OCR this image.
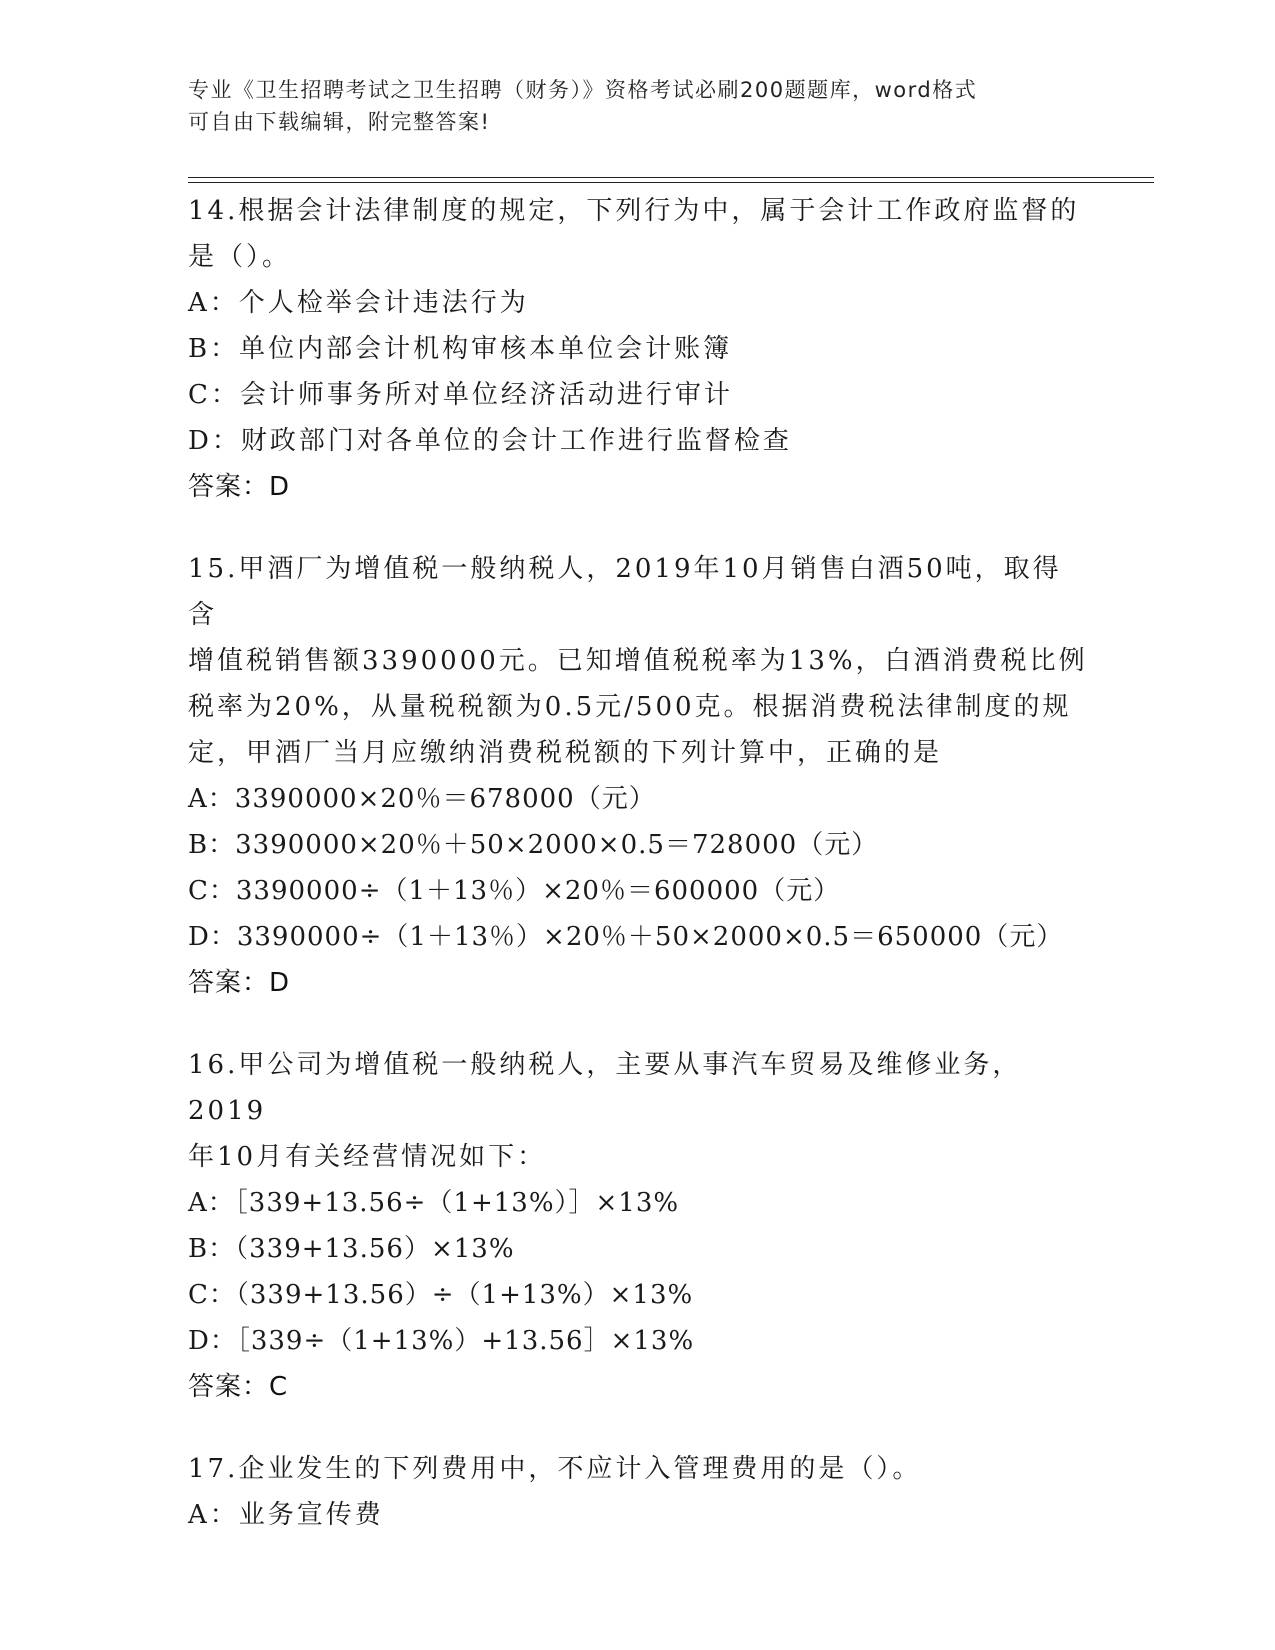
专业《卫生招聘考试之卫生招聘（财务）》资格考试必刷200题题库，word格式
可自由下载编辑，附完整答案!
14.根据会计法律制度的规定，下列行为中，属于会计工作政府监督的
是（）。
A：个人检举会计违法行为
B：单位内部会计机构审核本单位会计账簿
C：会计师事务所对单位经济活动进行审计
D：财政部门对各单位的会计工作进行监督检查
答案：D
15.甲酒厂为增值税一般纳税人，2019年10月销售白酒50吨，取得含
增值税销售额3390000元。已知增值税税率为13%，白酒消费税比例
税率为20%，从量税税额为0.5元/500克。根据消费税法律制度的规
定，甲酒厂当月应缴纳消费税税额的下列计算中，正确的是
A：3390000×20％＝678000（元）
B：3390000×20％＋50×2000×0.5＝728000（元）
C：3390000÷（1＋13％）×20％＝600000（元）
D：3390000÷（1＋13％）×20％＋50×2000×0.5＝650000（元）
答案：D
16.甲公司为增值税一般纳税人，主要从事汽车贸易及维修业务，2019
年10月有关经营情况如下：
A：［339+13.56÷（1+13%）］×13%
B：（339+13.56）×13%
C：（339+13.56）÷（1+13%）×13%
D：［339÷（1+13%）+13.56］×13%
答案：C
17.企业发生的下列费用中，不应计入管理费用的是（）。
A：业务宣传费
